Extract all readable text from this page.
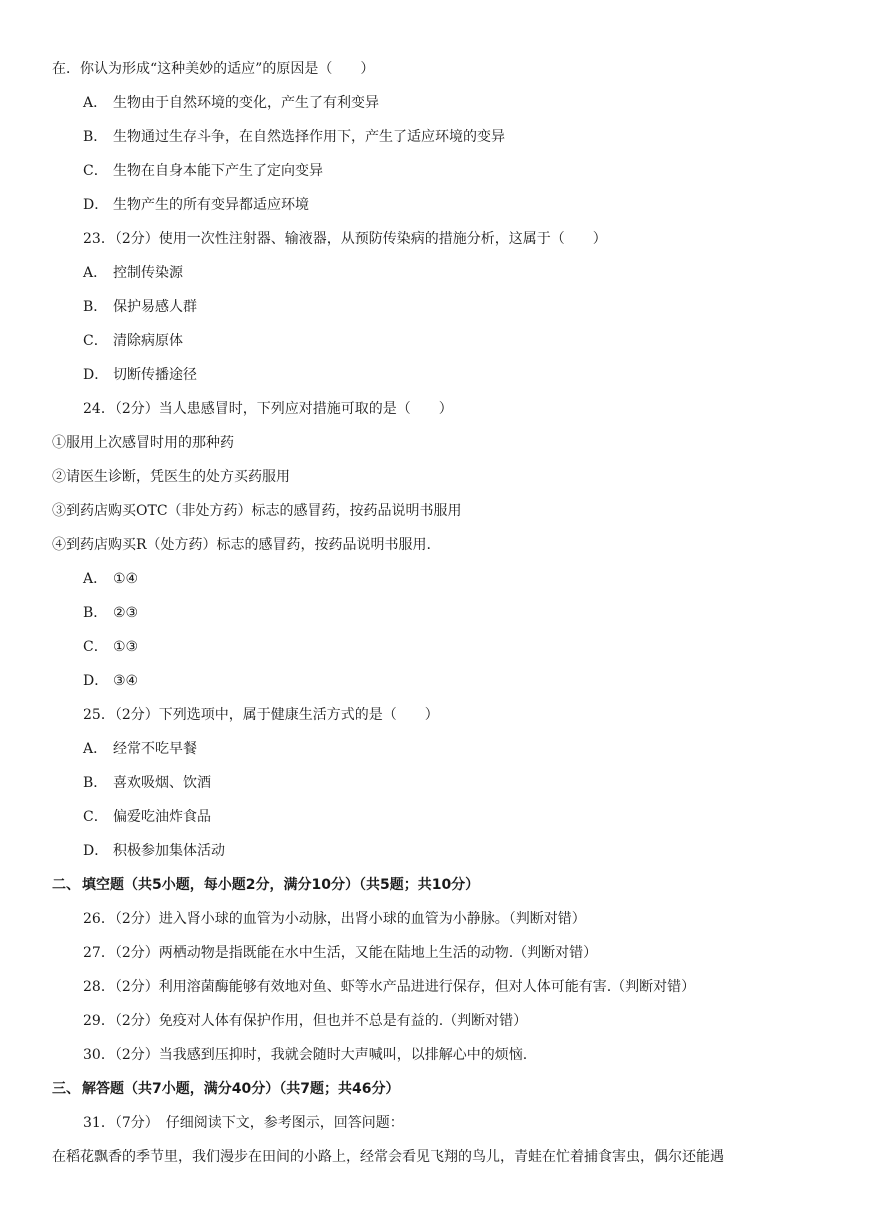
在．你认为形成“这种美妙的适应”的原因是（　　）
A． 生物由于自然环境的变化，产生了有利变异
B． 生物通过生存斗争，在自然选择作用下，产生了适应环境的变异
C． 生物在自身本能下产生了定向变异
D． 生物产生的所有变异都适应环境
23．（2分）使用一次性注射器、输液器，从预防传染病的措施分析，这属于（　　）
A． 控制传染源
B． 保护易感人群
C． 清除病原体
D． 切断传播途径
24．（2分）当人患感冒时，下列应对措施可取的是（　　）
①服用上次感冒时用的那种药
②请医生诊断，凭医生的处方买药服用
③到药店购买OTC（非处方药）标志的感冒药，按药品说明书服用
④到药店购买R（处方药）标志的感冒药，按药品说明书服用.
A． ①④
B． ②③
C． ①③
D． ③④
25．（2分）下列选项中，属于健康生活方式的是（　　）
A． 经常不吃早餐
B． 喜欢吸烟、饮酒
C． 偏爱吃油炸食品
D． 积极参加集体活动
二、 填空题（共5小题，每小题2分，满分10分）（共5题；共10分）
26．（2分）进入肾小球的血管为小动脉，出肾小球的血管为小静脉。（判断对错）
27．（2分）两栖动物是指既能在水中生活，又能在陆地上生活的动物.（判断对错）
28．（2分）利用溶菌酶能够有效地对鱼、虾等水产品进进行保存，但对人体可能有害.（判断对错）
29．（2分）免疫对人体有保护作用，但也并不总是有益的.（判断对错）
30．（2分）当我感到压抑时，我就会随时大声喊叫，以排解心中的烦恼.
三、 解答题（共7小题，满分40分）（共7题；共46分）
31．（7分）　仔细阅读下文，参考图示，回答问题：
在稻花飘香的季节里，我们漫步在田间的小路上，经常会看见飞翔的鸟儿，青蛙在忙着捕食害虫，偶尔还能遇
